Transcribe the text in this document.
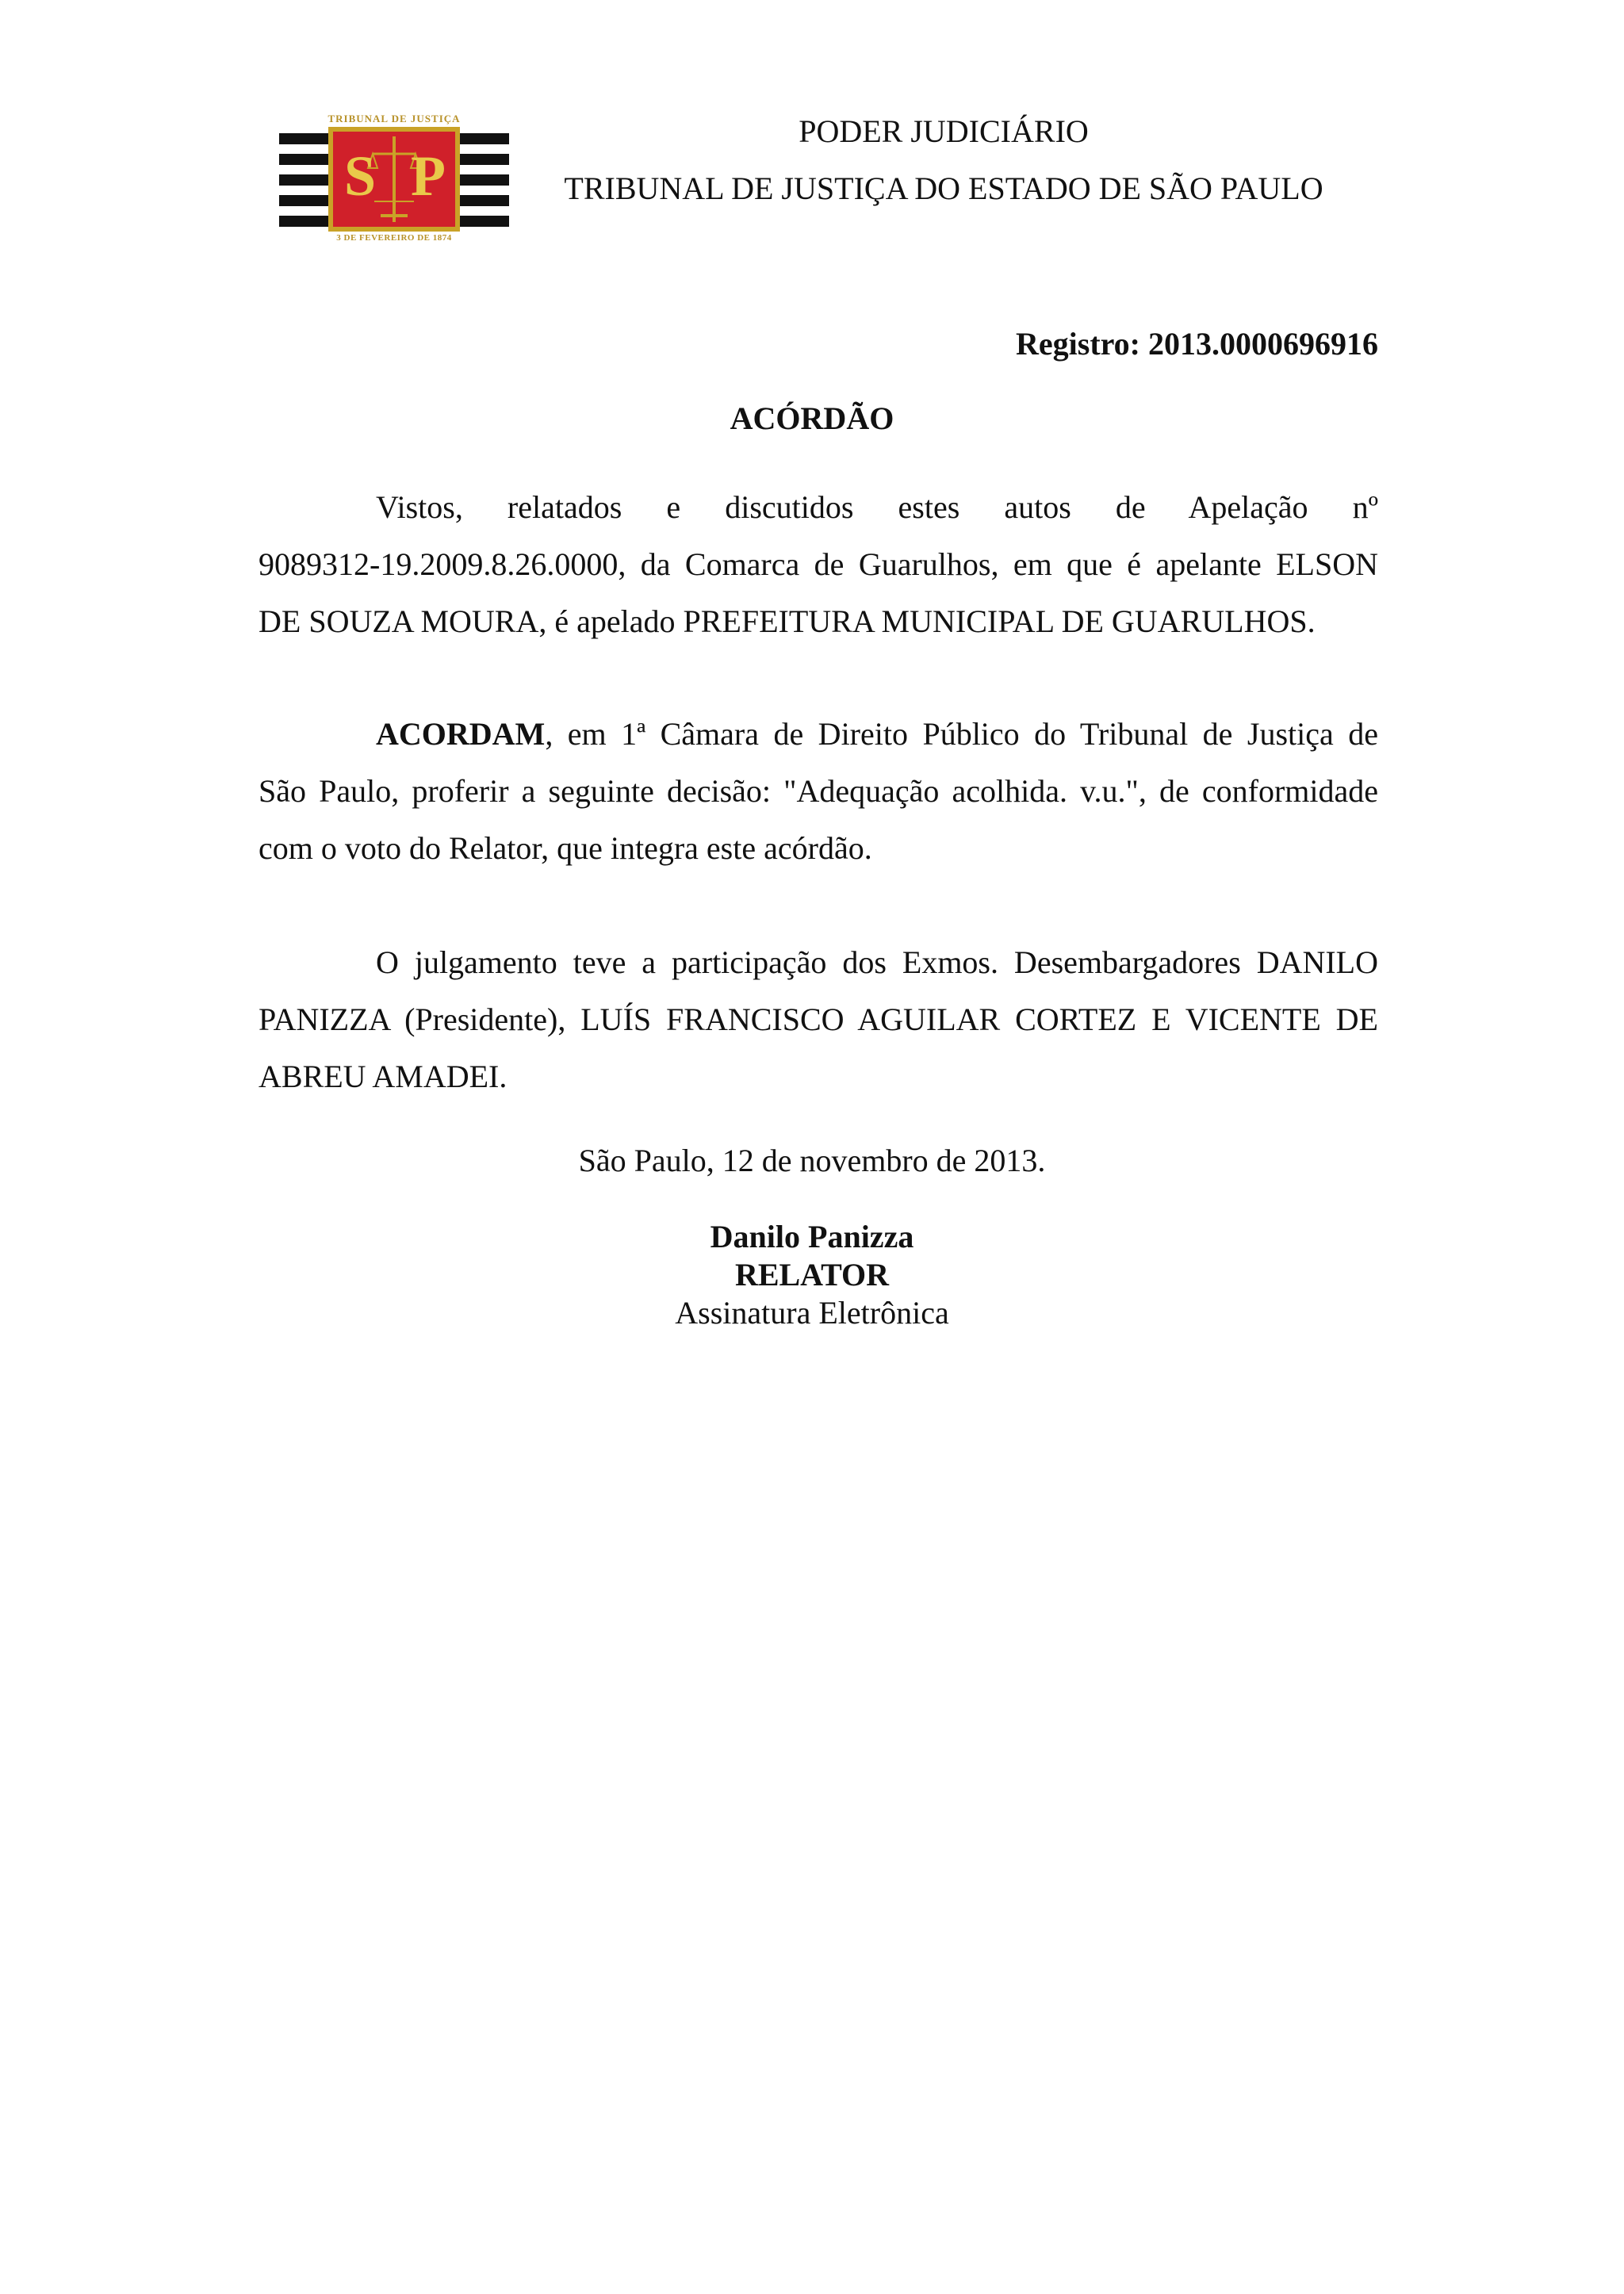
TRIBUNAL DE JUSTIÇA
S P
3 DE FEVEREIRO DE 1874
PODER JUDICIÁRIO
TRIBUNAL DE JUSTIÇA DO ESTADO DE SÃO PAULO
Registro: 2013.0000696916
ACÓRDÃO
Vistos, relatados e discutidos estes autos de Apelação nº
9089312-19.2009.8.26.0000, da Comarca de Guarulhos, em que é apelante ELSON
DE SOUZA MOURA, é apelado PREFEITURA MUNICIPAL DE GUARULHOS.
ACORDAM, em 1ª Câmara de Direito Público do Tribunal de Justiça de
São Paulo, proferir a seguinte decisão: "Adequação acolhida. v.u.", de conformidade
com o voto do Relator, que integra este acórdão.
O julgamento teve a participação dos Exmos. Desembargadores DANILO
PANIZZA (Presidente), LUÍS FRANCISCO AGUILAR CORTEZ E VICENTE DE
ABREU AMADEI.
São Paulo, 12 de novembro de 2013.
Danilo Panizza
RELATOR
Assinatura Eletrônica
